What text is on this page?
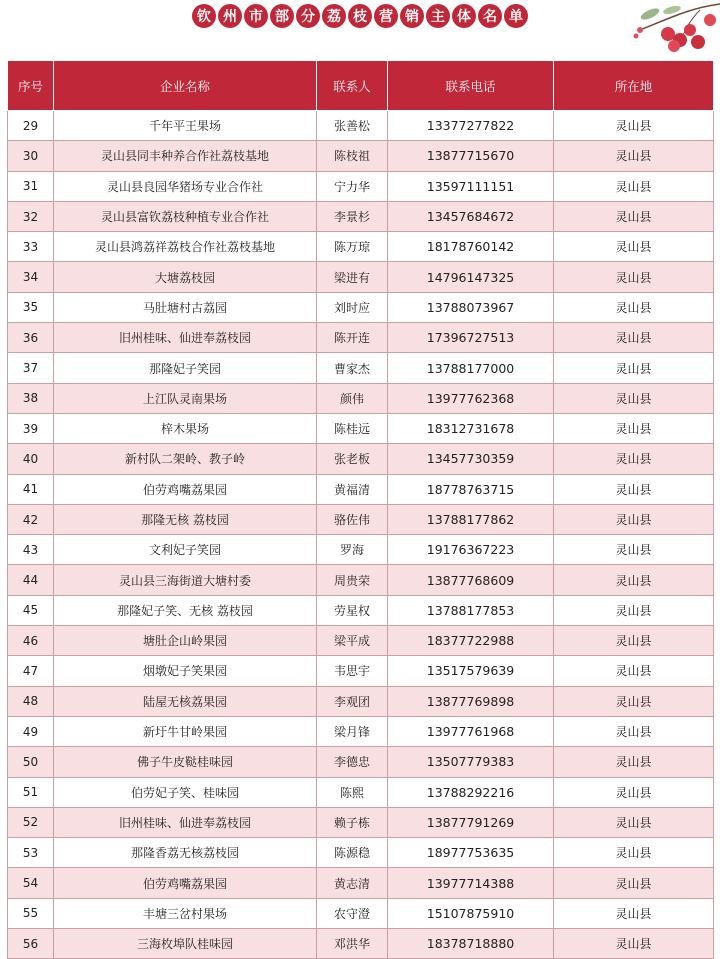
钦 州 市 部 分 荔 枝 营 销 主 体 名 单
序号	企业名称	联系人	联系电话	所在地
29	千年平王果场	张善松	13377277822	灵山县
30	灵山县同丰种养合作社荔枝基地	陈枝祖	13877715670	灵山县
31	灵山县良园华猪场专业合作社	宁力华	13597111151	灵山县
32	灵山县富钦荔枝种植专业合作社	李景杉	13457684672	灵山县
33	灵山县鸿荔祥荔枝合作社荔枝基地	陈万琼	18178760142	灵山县
34	大塘荔枝园	梁进有	14796147325	灵山县
35	马肚塘村古荔园	刘时应	13788073967	灵山县
36	旧州桂味、仙进奉荔枝园	陈开连	17396727513	灵山县
37	那隆妃子笑园	曹家杰	13788177000	灵山县
38	上江队灵南果场	颜伟	13977762368	灵山县
39	梓木果场	陈桂远	18312731678	灵山县
40	新村队二架岭、教子岭	张老板	13457730359	灵山县
41	伯劳鸡嘴荔果园	黄福清	18778763715	灵山县
42	那隆无核 荔枝园	骆佐伟	13788177862	灵山县
43	文利妃子笑园	罗海	19176367223	灵山县
44	灵山县三海街道大塘村委	周贵荣	13877768609	灵山县
45	那隆妃子笑、无核 荔枝园	劳星权	13788177853	灵山县
46	塘肚企山岭果园	梁平成	18377722988	灵山县
47	烟墩妃子笑果园	韦思宇	13517579639	灵山县
48	陆屋无核荔果园	李观团	13877769898	灵山县
49	新圩牛甘岭果园	梁月锋	13977761968	灵山县
50	佛子牛皮鞑桂味园	李德忠	13507779383	灵山县
51	伯劳妃子笑、桂味园	陈熙	13788292216	灵山县
52	旧州桂味、仙进奉荔枝园	赖子栋	13877791269	灵山县
53	那隆香荔无核荔枝园	陈源稳	18977753635	灵山县
54	伯劳鸡嘴荔果园	黄志清	13977714388	灵山县
55	丰塘三岔村果场	农守澄	15107875910	灵山县
56	三海枚埠队桂味园	邓洪华	18378718880	灵山县
